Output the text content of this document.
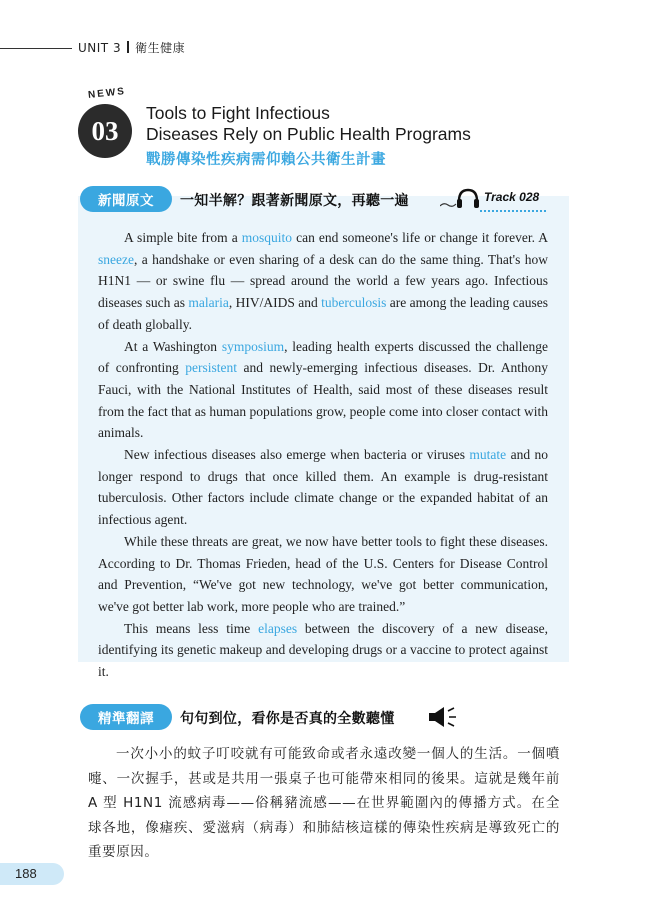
UNIT 3 衛生健康
NEWS
03
Tools to Fight Infectious
Diseases Rely on Public Health Programs
戰勝傳染性疾病需仰賴公共衛生計畫
新聞原文	一知半解？跟著新聞原文，再聽一遍	Track 028

A simple bite from a mosquito can end someone's life or change it forever. A sneeze, a handshake or even sharing of a desk can do the same thing. That's how H1N1 — or swine flu — spread around the world a few years ago. Infectious diseases such as malaria, HIV/AIDS and tuberculosis are among the leading causes of death globally.

At a Washington symposium, leading health experts discussed the challenge of confronting persistent and newly-emerging infectious diseases. Dr. Anthony Fauci, with the National Institutes of Health, said most of these diseases result from the fact that as human populations grow, people come into closer contact with animals.

New infectious diseases also emerge when bacteria or viruses mutate and no longer respond to drugs that once killed them. An example is drug-resistant tuberculosis. Other factors include climate change or the expanded habitat of an infectious agent.

While these threats are great, we now have better tools to fight these diseases. According to Dr. Thomas Frieden, head of the U.S. Centers for Disease Control and Prevention, “We've got new technology, we've got better communication, we've got better lab work, more people who are trained.”

This means less time elapses between the discovery of a new disease, identifying its genetic makeup and developing drugs or a vaccine to protect against it.

精準翻譯	句句到位，看你是否真的全數聽懂
一次小小的蚊子叮咬就有可能致命或者永遠改變一個人的生活。一個噴嚏、一次握手，甚或是共用一張桌子也可能帶來相同的後果。這就是幾年前 A 型 H1N1 流感病毒——俗稱豬流感——在世界範圍內的傳播方式。在全球各地，像瘧疾、愛滋病（病毒）和肺結核這樣的傳染性疾病是導致死亡的重要原因。
188
